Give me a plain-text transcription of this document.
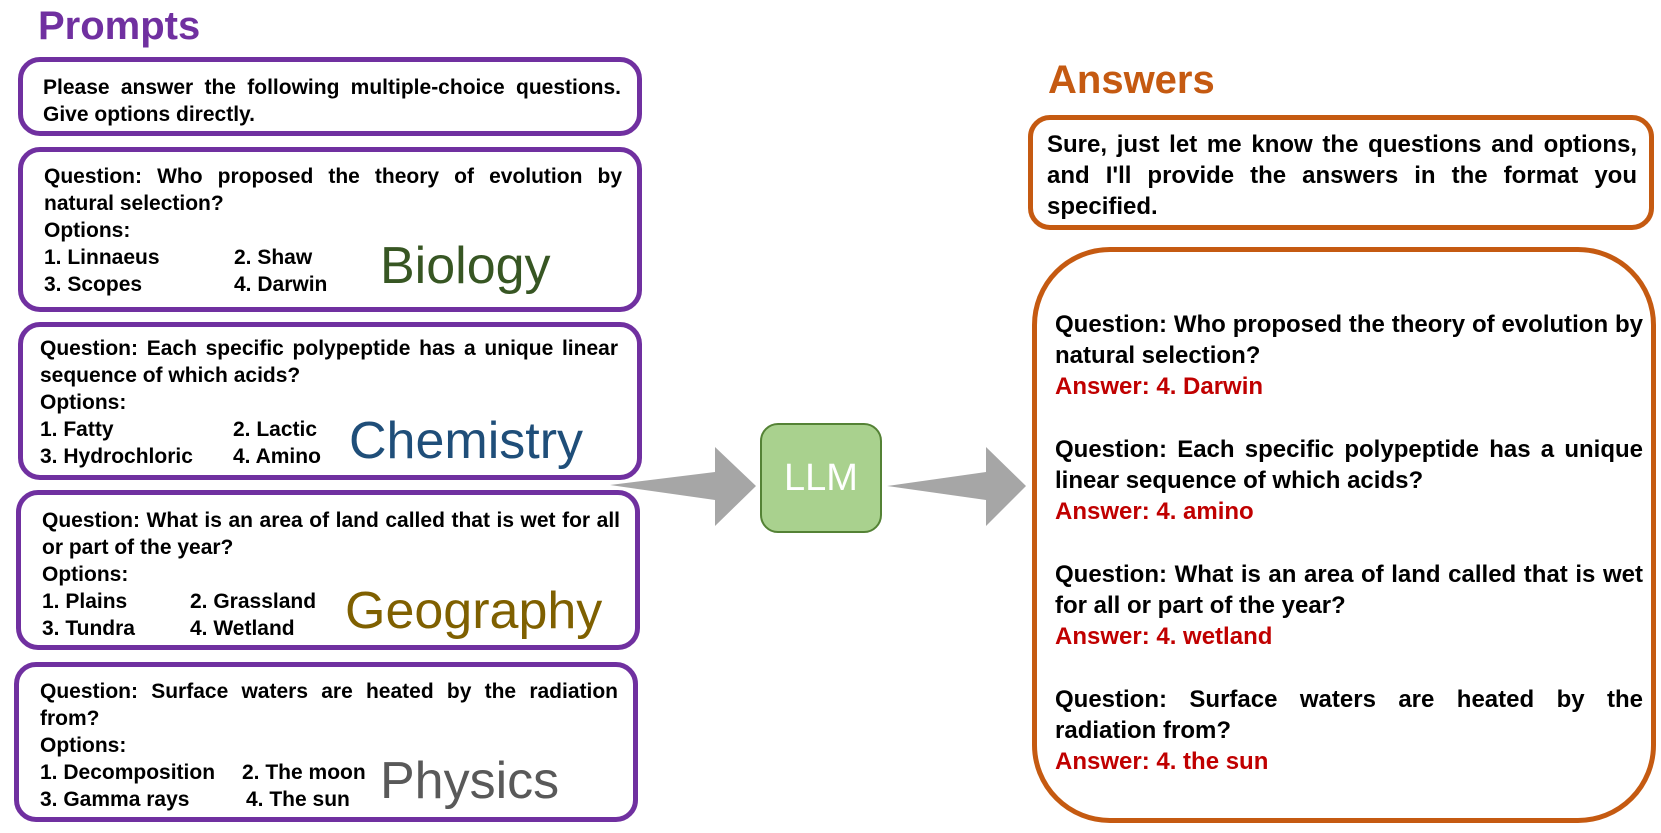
Prompts
Answers
Please answer the following multiple-choice questions. Give options directly.
Question: Who proposed the theory of evolution by natural selection?
Options:
1. Linnaeus	2. Shaw
3. Scopes	4. Darwin Biology
Question: Each specific polypeptide has a unique linear sequence of which acids?
Options:
1. Fatty	2. Lactic
3. Hydrochloric 4. Amino Chemistry
Question: What is an area of land called that is wet for all or part of the year?
Options:
1. Plains	2. Grassland
3. Tundra	4. Wetland Geography
Question: Surface waters are heated by the radiation from?
Options:
1. Decomposition 2. The moon
3. Gamma rays	4. The sun Physics
LLM
Sure, just let me know the questions and options, and I'll provide the answers in the format you specified.
Question: Who proposed the theory of evolution by natural selection?
Answer: 4. Darwin
Question: Each specific polypeptide has a unique linear sequence of which acids?
Answer: 4. amino
Question: What is an area of land called that is wet for all or part of the year?
Answer: 4. wetland
Question: Surface waters are heated by the radiation from?
Answer: 4. the sun
